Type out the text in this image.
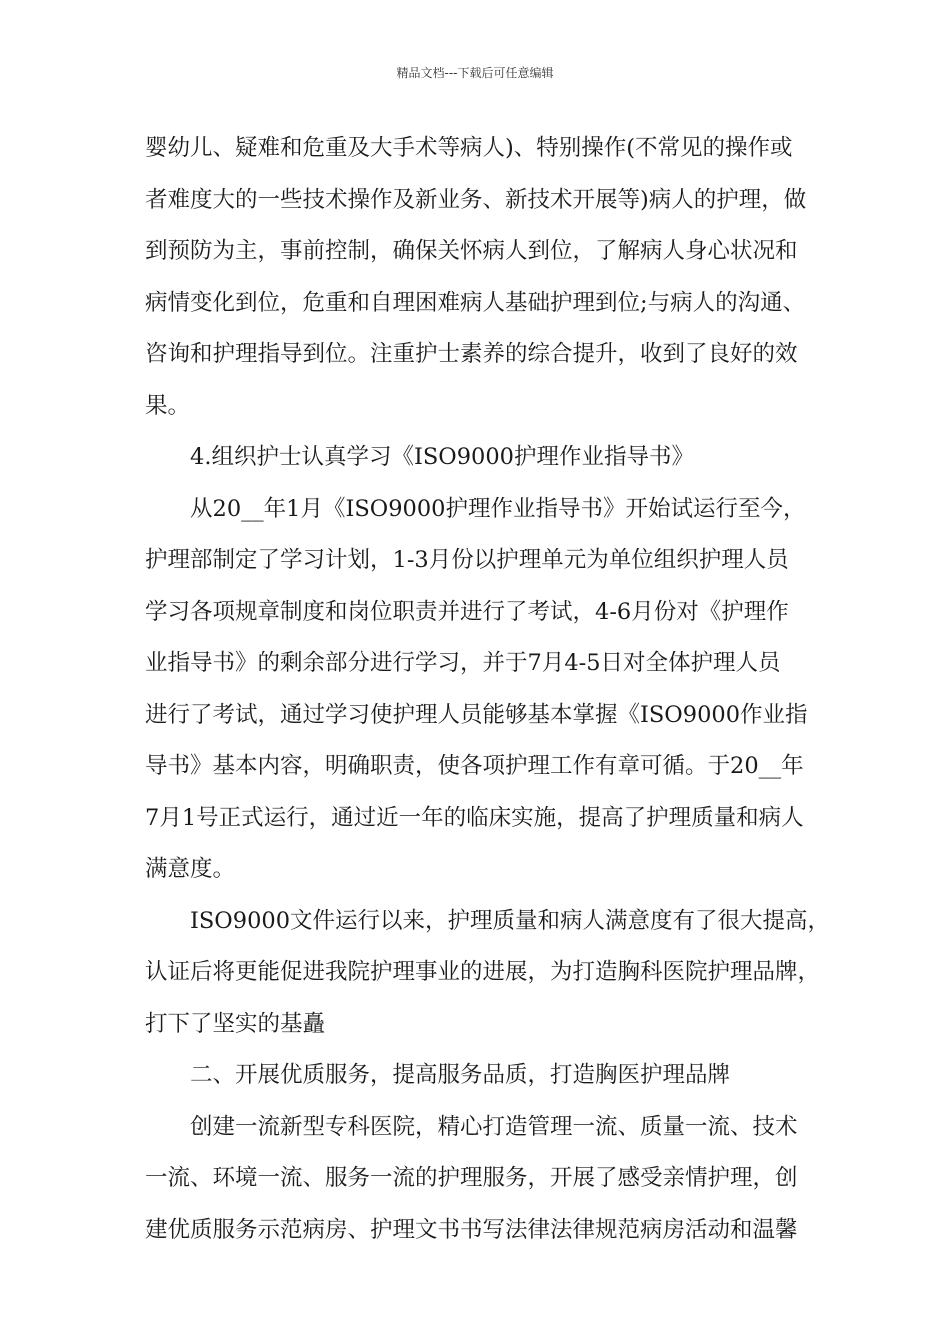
精品文档---下载后可任意编辑
婴幼儿、疑难和危重及大手术等病人)、特别操作(不常见的操作或
者难度大的一些技术操作及新业务、新技术开展等)病人的护理，做
到预防为主，事前控制，确保关怀病人到位，了解病人身心状况和
病情变化到位，危重和自理困难病人基础护理到位;与病人的沟通、
咨询和护理指导到位。注重护士素养的综合提升，收到了良好的效
果。
4.组织护士认真学习《ISO9000护理作业指导书》
从20__年1月《ISO9000护理作业指导书》开始试运行至今，
护理部制定了学习计划，1-3月份以护理单元为单位组织护理人员
学习各项规章制度和岗位职责并进行了考试，4-6月份对《护理作
业指导书》的剩余部分进行学习，并于7月4-5日对全体护理人员
进行了考试，通过学习使护理人员能够基本掌握《ISO9000作业指
导书》基本内容，明确职责，使各项护理工作有章可循。于20__年
7月1号正式运行，通过近一年的临床实施，提高了护理质量和病人
满意度。
ISO9000文件运行以来，护理质量和病人满意度有了很大提高，
认证后将更能促进我院护理事业的进展，为打造胸科医院护理品牌，
打下了坚实的基矗
二、开展优质服务，提高服务品质，打造胸医护理品牌
创建一流新型专科医院，精心打造管理一流、质量一流、技术
一流、环境一流、服务一流的护理服务，开展了感受亲情护理，创
建优质服务示范病房、护理文书书写法律法律规范病房活动和温馨
